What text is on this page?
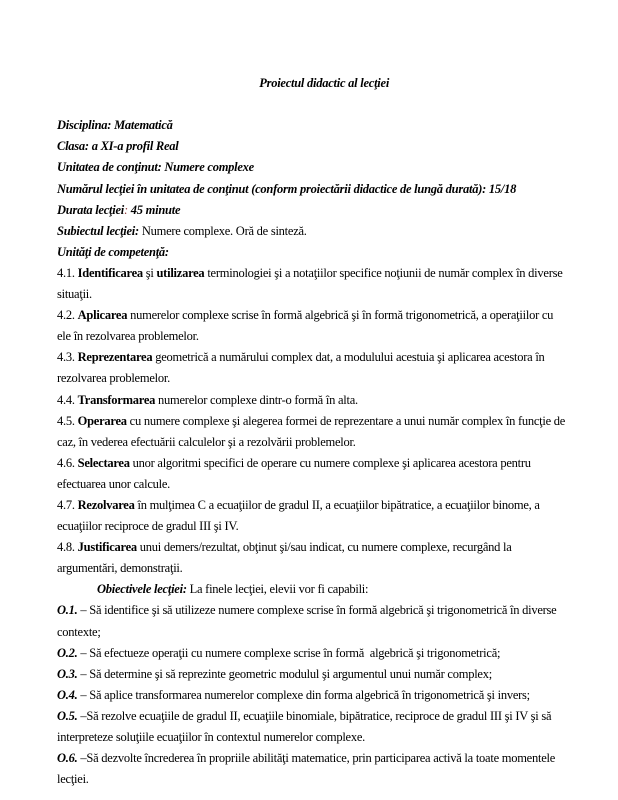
Proiectul didactic al lecţiei

Disciplina: Matematică
Clasa: a XI-a profil Real
Unitatea de conţinut: Numere complexe
Numărul lecţiei în unitatea de conţinut (conform proiectării didactice de lungă durată): 15/18
Durata lecţiei: 45 minute
Subiectul lecţiei: Numere complexe. Oră de sinteză.
Unităţi de competenţă:
4.1. Identificarea şi utilizarea terminologiei şi a notaţiilor specifice noţiunii de număr complex în diverse
situaţii.
4.2. Aplicarea numerelor complexe scrise în formă algebrică şi în formă trigonometrică, a operaţiilor cu
ele în rezolvarea problemelor.
4.3. Reprezentarea geometrică a numărului complex dat, a modulului acestuia şi aplicarea acestora în
rezolvarea problemelor.
4.4. Transformarea numerelor complexe dintr-o formă în alta.
4.5. Operarea cu numere complexe şi alegerea formei de reprezentare a unui număr complex în funcţie de
caz, în vederea efectuării calculelor şi a rezolvării problemelor.
4.6. Selectarea unor algoritmi specifici de operare cu numere complexe şi aplicarea acestora pentru
efectuarea unor calcule.
4.7. Rezolvarea în mulţimea C a ecuaţiilor de gradul II, a ecuaţiilor bipătratice, a ecuaţiilor binome, a
ecuaţiilor reciproce de gradul III şi IV.
4.8. Justificarea unui demers/rezultat, obţinut şi/sau indicat, cu numere complexe, recurgând la
argumentări, demonstraţii.
Obiectivele lecţiei: La finele lecţiei, elevii vor fi capabili:
O.1. – Să identifice şi să utilizeze numere complexe scrise în formă algebrică şi trigonometrică în diverse
contexte;
O.2. – Să efectueze operaţii cu numere complexe scrise în formă  algebrică şi trigonometrică;
O.3. – Să determine şi să reprezinte geometric modulul şi argumentul unui număr complex;
O.4. – Să aplice transformarea numerelor complexe din forma algebrică în trigonometrică şi invers;
O.5. –Să rezolve ecuaţiile de gradul II, ecuaţiile binomiale, bipătratice, reciproce de gradul III şi IV şi să
interpreteze soluţiile ecuaţiilor în contextul numerelor complexe.
O.6. –Să dezvolte încrederea în propriile abilităţi matematice, prin participarea activă la toate momentele
lecţiei.
